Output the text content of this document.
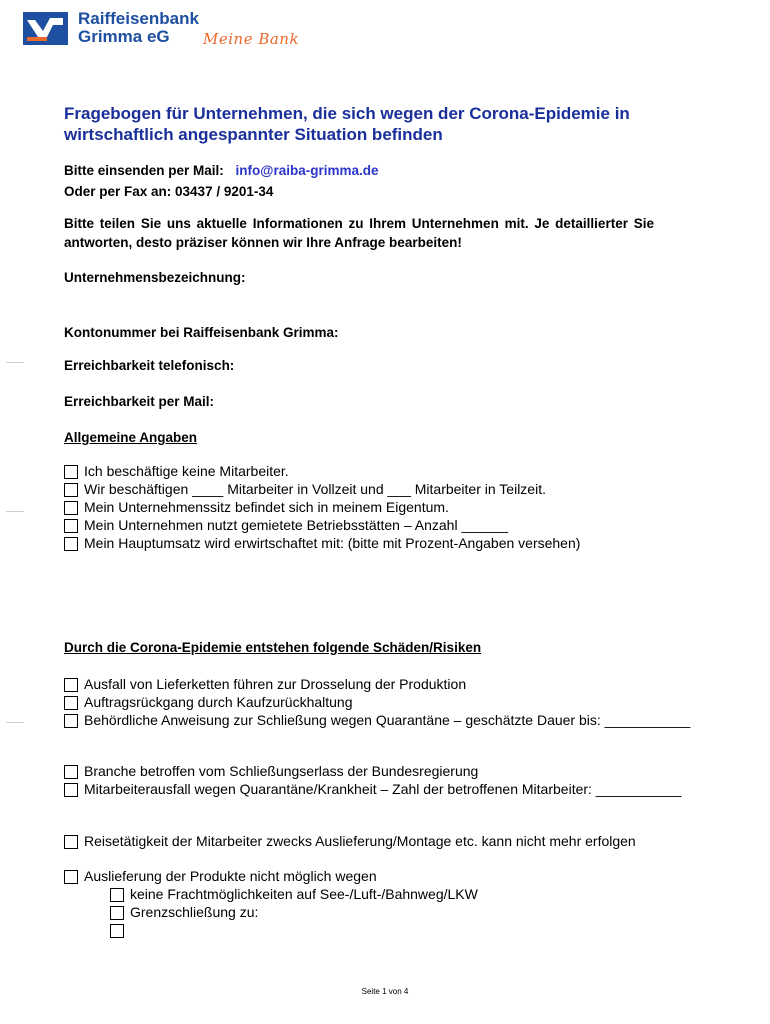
Raiffeisenbank
Grimma eG	Meine Bank
Fragebogen für Unternehmen, die sich wegen der Corona-Epidemie in wirtschaftlich angespannter Situation befinden
Bitte einsenden per Mail: info@raiba-grimma.de
Oder per Fax an: 03437 / 9201-34
Bitte teilen Sie uns aktuelle Informationen zu Ihrem Unternehmen mit. Je detaillierter Sie antworten, desto präziser können wir Ihre Anfrage bearbeiten!
Unternehmensbezeichnung:
Kontonummer bei Raiffeisenbank Grimma:
Erreichbarkeit telefonisch:
Erreichbarkeit per Mail:
Allgemeine Angaben
Ich beschäftige keine Mitarbeiter.
Wir beschäftigen ____ Mitarbeiter in Vollzeit und ___ Mitarbeiter in Teilzeit.
Mein Unternehmenssitz befindet sich in meinem Eigentum.
Mein Unternehmen nutzt gemietete Betriebsstätten – Anzahl ______
Mein Hauptumsatz wird erwirtschaftet mit: (bitte mit Prozent-Angaben versehen)
Durch die Corona-Epidemie entstehen folgende Schäden/Risiken
Ausfall von Lieferketten führen zur Drosselung der Produktion
Auftragsrückgang durch Kaufzurückhaltung
Behördliche Anweisung zur Schließung wegen Quarantäne – geschätzte Dauer bis: ___________
Branche betroffen vom Schließungserlass der Bundesregierung
Mitarbeiterausfall wegen Quarantäne/Krankheit – Zahl der betroffenen Mitarbeiter: ___________
Reisetätigkeit der Mitarbeiter zwecks Auslieferung/Montage etc. kann nicht mehr erfolgen
Auslieferung der Produkte nicht möglich wegen
keine Frachtmöglichkeiten auf See-/Luft-/Bahnweg/LKW
Grenzschließung zu:
Seite 1 von 4
